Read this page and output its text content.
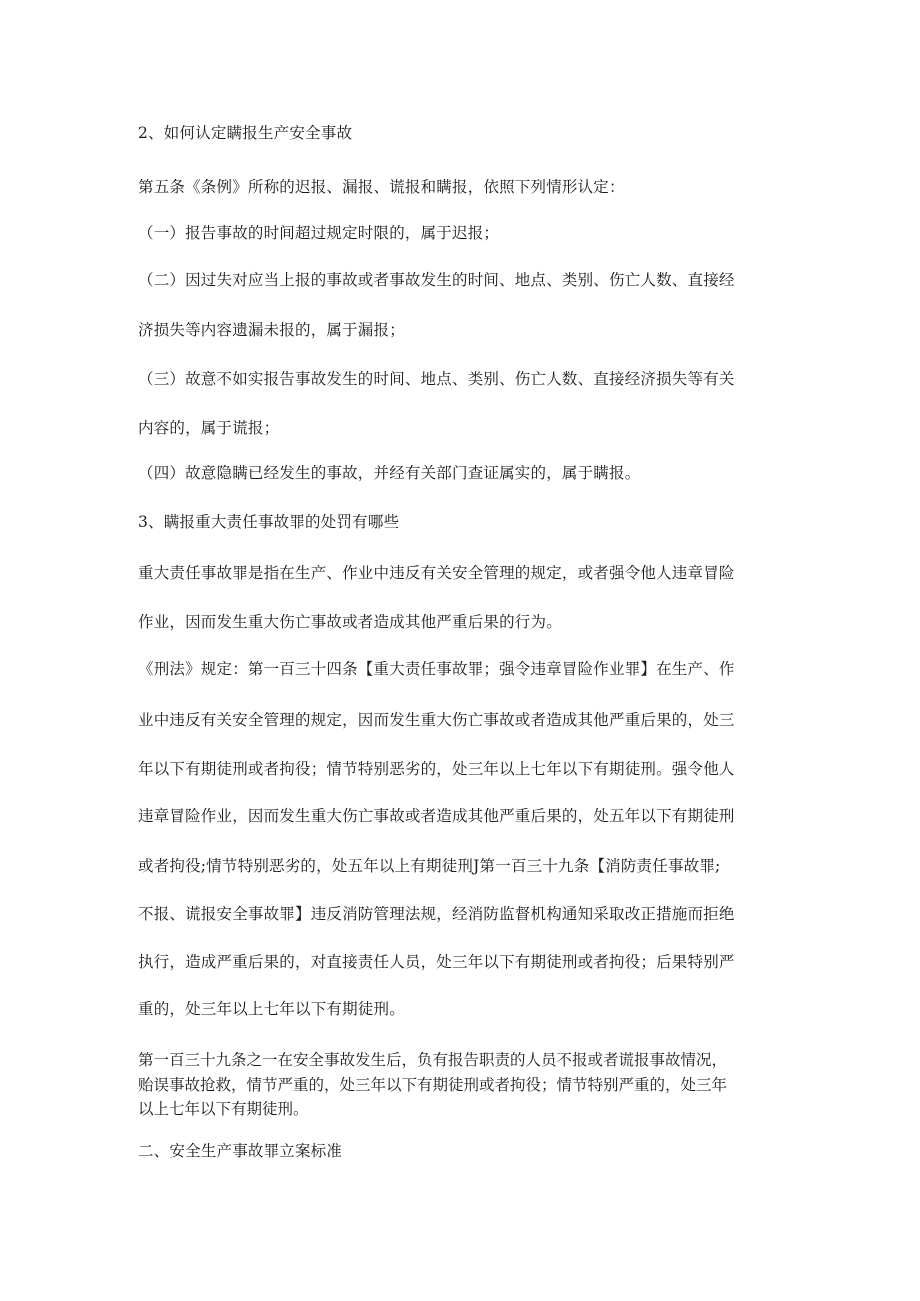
2、如何认定瞒报生产安全事故
第五条《条例》所称的迟报、漏报、谎报和瞒报，依照下列情形认定：
（一）报告事故的时间超过规定时限的，属于迟报；
（二）因过失对应当上报的事故或者事故发生的时间、地点、类别、伤亡人数、直接经
济损失等内容遗漏未报的，属于漏报；
（三）故意不如实报告事故发生的时间、地点、类别、伤亡人数、直接经济损失等有关
内容的，属于谎报；
（四）故意隐瞒已经发生的事故，并经有关部门查证属实的，属于瞒报。
3、瞒报重大责任事故罪的处罚有哪些
重大责任事故罪是指在生产、作业中违反有关安全管理的规定，或者强令他人违章冒险
作业，因而发生重大伤亡事故或者造成其他严重后果的行为。
《刑法》规定：第一百三十四条【重大责任事故罪；强令违章冒险作业罪】在生产、作
业中违反有关安全管理的规定，因而发生重大伤亡事故或者造成其他严重后果的，处三
年以下有期徒刑或者拘役；情节特别恶劣的，处三年以上七年以下有期徒刑。强令他人
违章冒险作业，因而发生重大伤亡事故或者造成其他严重后果的，处五年以下有期徒刑
或者拘役;情节特别恶劣的，处五年以上有期徒刑J第一百三十九条【消防责任事故罪;
不报、谎报安全事故罪】违反消防管理法规，经消防监督机构通知采取改正措施而拒绝
执行，造成严重后果的，对直接责任人员，处三年以下有期徒刑或者拘役；后果特别严
重的，处三年以上七年以下有期徒刑。
第一百三十九条之一在安全事故发生后，负有报告职责的人员不报或者谎报事故情况，
贻误事故抢救，情节严重的，处三年以下有期徒刑或者拘役；情节特别严重的，处三年
以上七年以下有期徒刑。
二、安全生产事故罪立案标准
